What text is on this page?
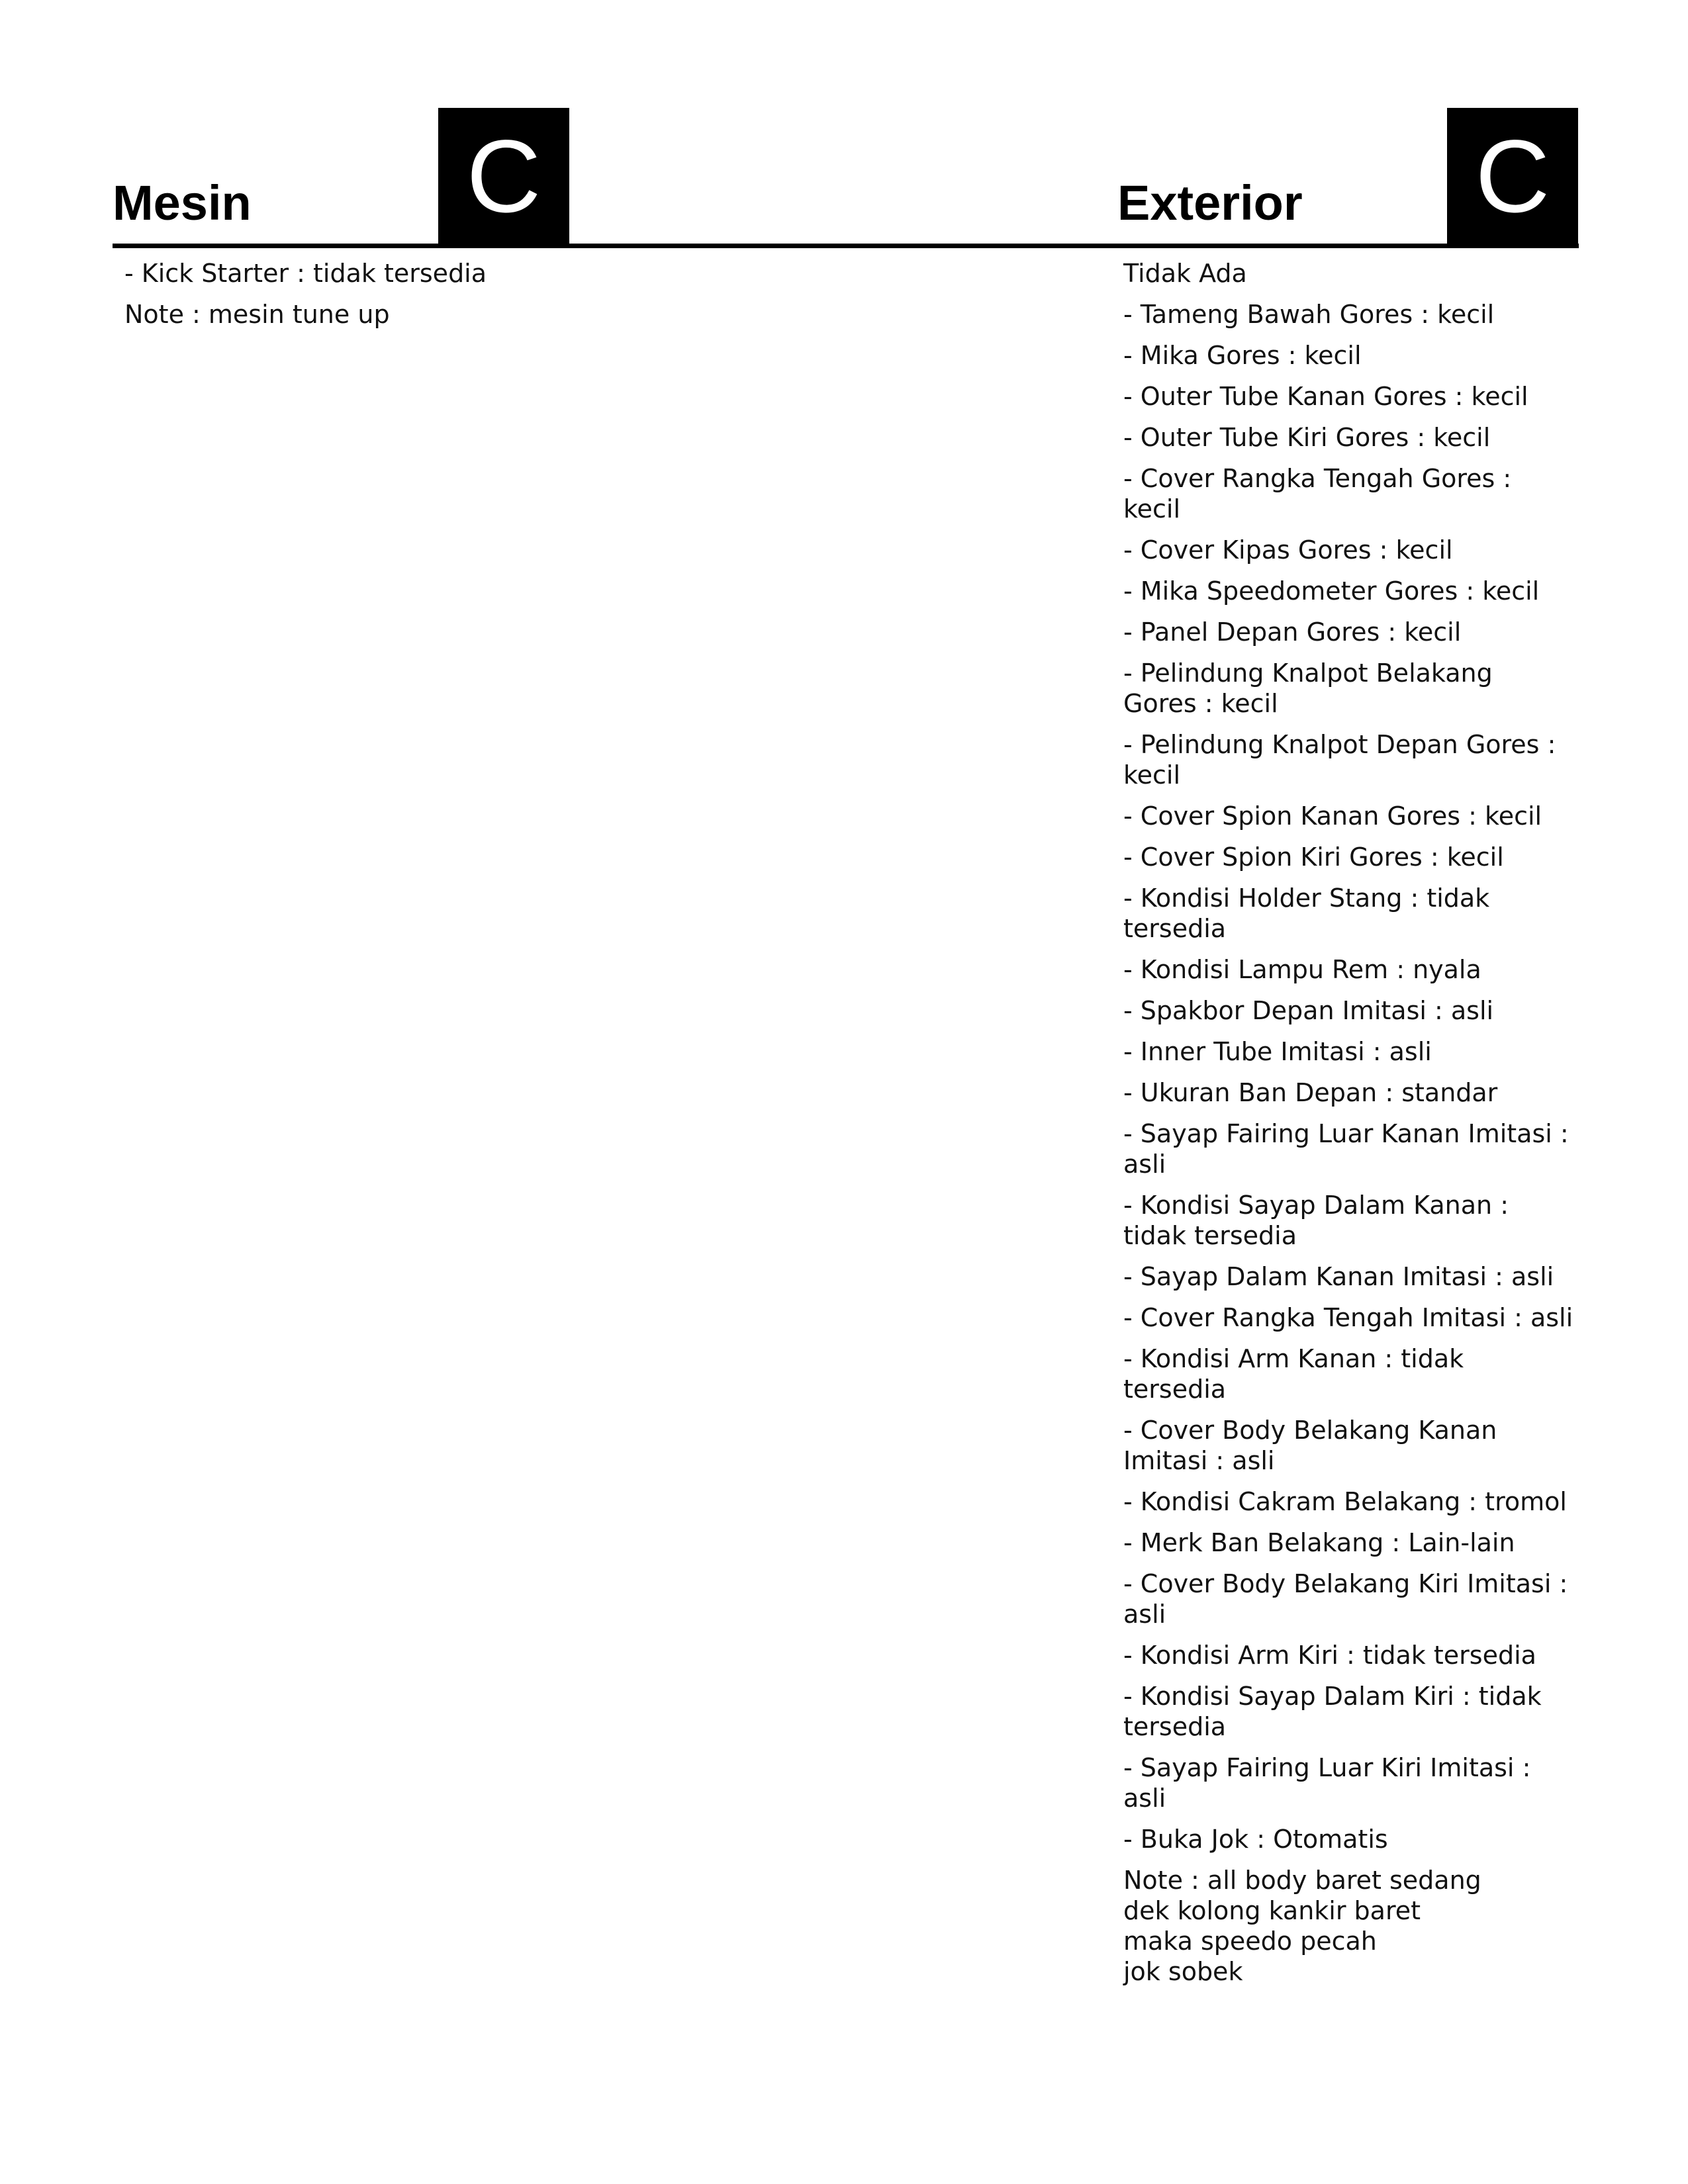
Mesin C	Exterior C
- Kick Starter : tidak tersedia
Note : mesin tune up
Tidak Ada
- Tameng Bawah Gores : kecil
- Mika Gores : kecil
- Outer Tube Kanan Gores : kecil
- Outer Tube Kiri Gores : kecil
- Cover Rangka Tengah Gores : kecil
- Cover Kipas Gores : kecil
- Mika Speedometer Gores : kecil
- Panel Depan Gores : kecil
- Pelindung Knalpot Belakang Gores : kecil
- Pelindung Knalpot Depan Gores : kecil
- Cover Spion Kanan Gores : kecil
- Cover Spion Kiri Gores : kecil
- Kondisi Holder Stang : tidak tersedia
- Kondisi Lampu Rem : nyala
- Spakbor Depan Imitasi : asli
- Inner Tube Imitasi : asli
- Ukuran Ban Depan : standar
- Sayap Fairing Luar Kanan Imitasi : asli
- Kondisi Sayap Dalam Kanan : tidak tersedia
- Sayap Dalam Kanan Imitasi : asli
- Cover Rangka Tengah Imitasi : asli
- Kondisi Arm Kanan : tidak tersedia
- Cover Body Belakang Kanan Imitasi : asli
- Kondisi Cakram Belakang : tromol
- Merk Ban Belakang : Lain-lain
- Cover Body Belakang Kiri Imitasi : asli
- Kondisi Arm Kiri : tidak tersedia
- Kondisi Sayap Dalam Kiri : tidak tersedia
- Sayap Fairing Luar Kiri Imitasi : asli
- Buka Jok : Otomatis
Note : all body baret sedang
dek kolong kankir baret
maka speedo pecah
jok sobek
